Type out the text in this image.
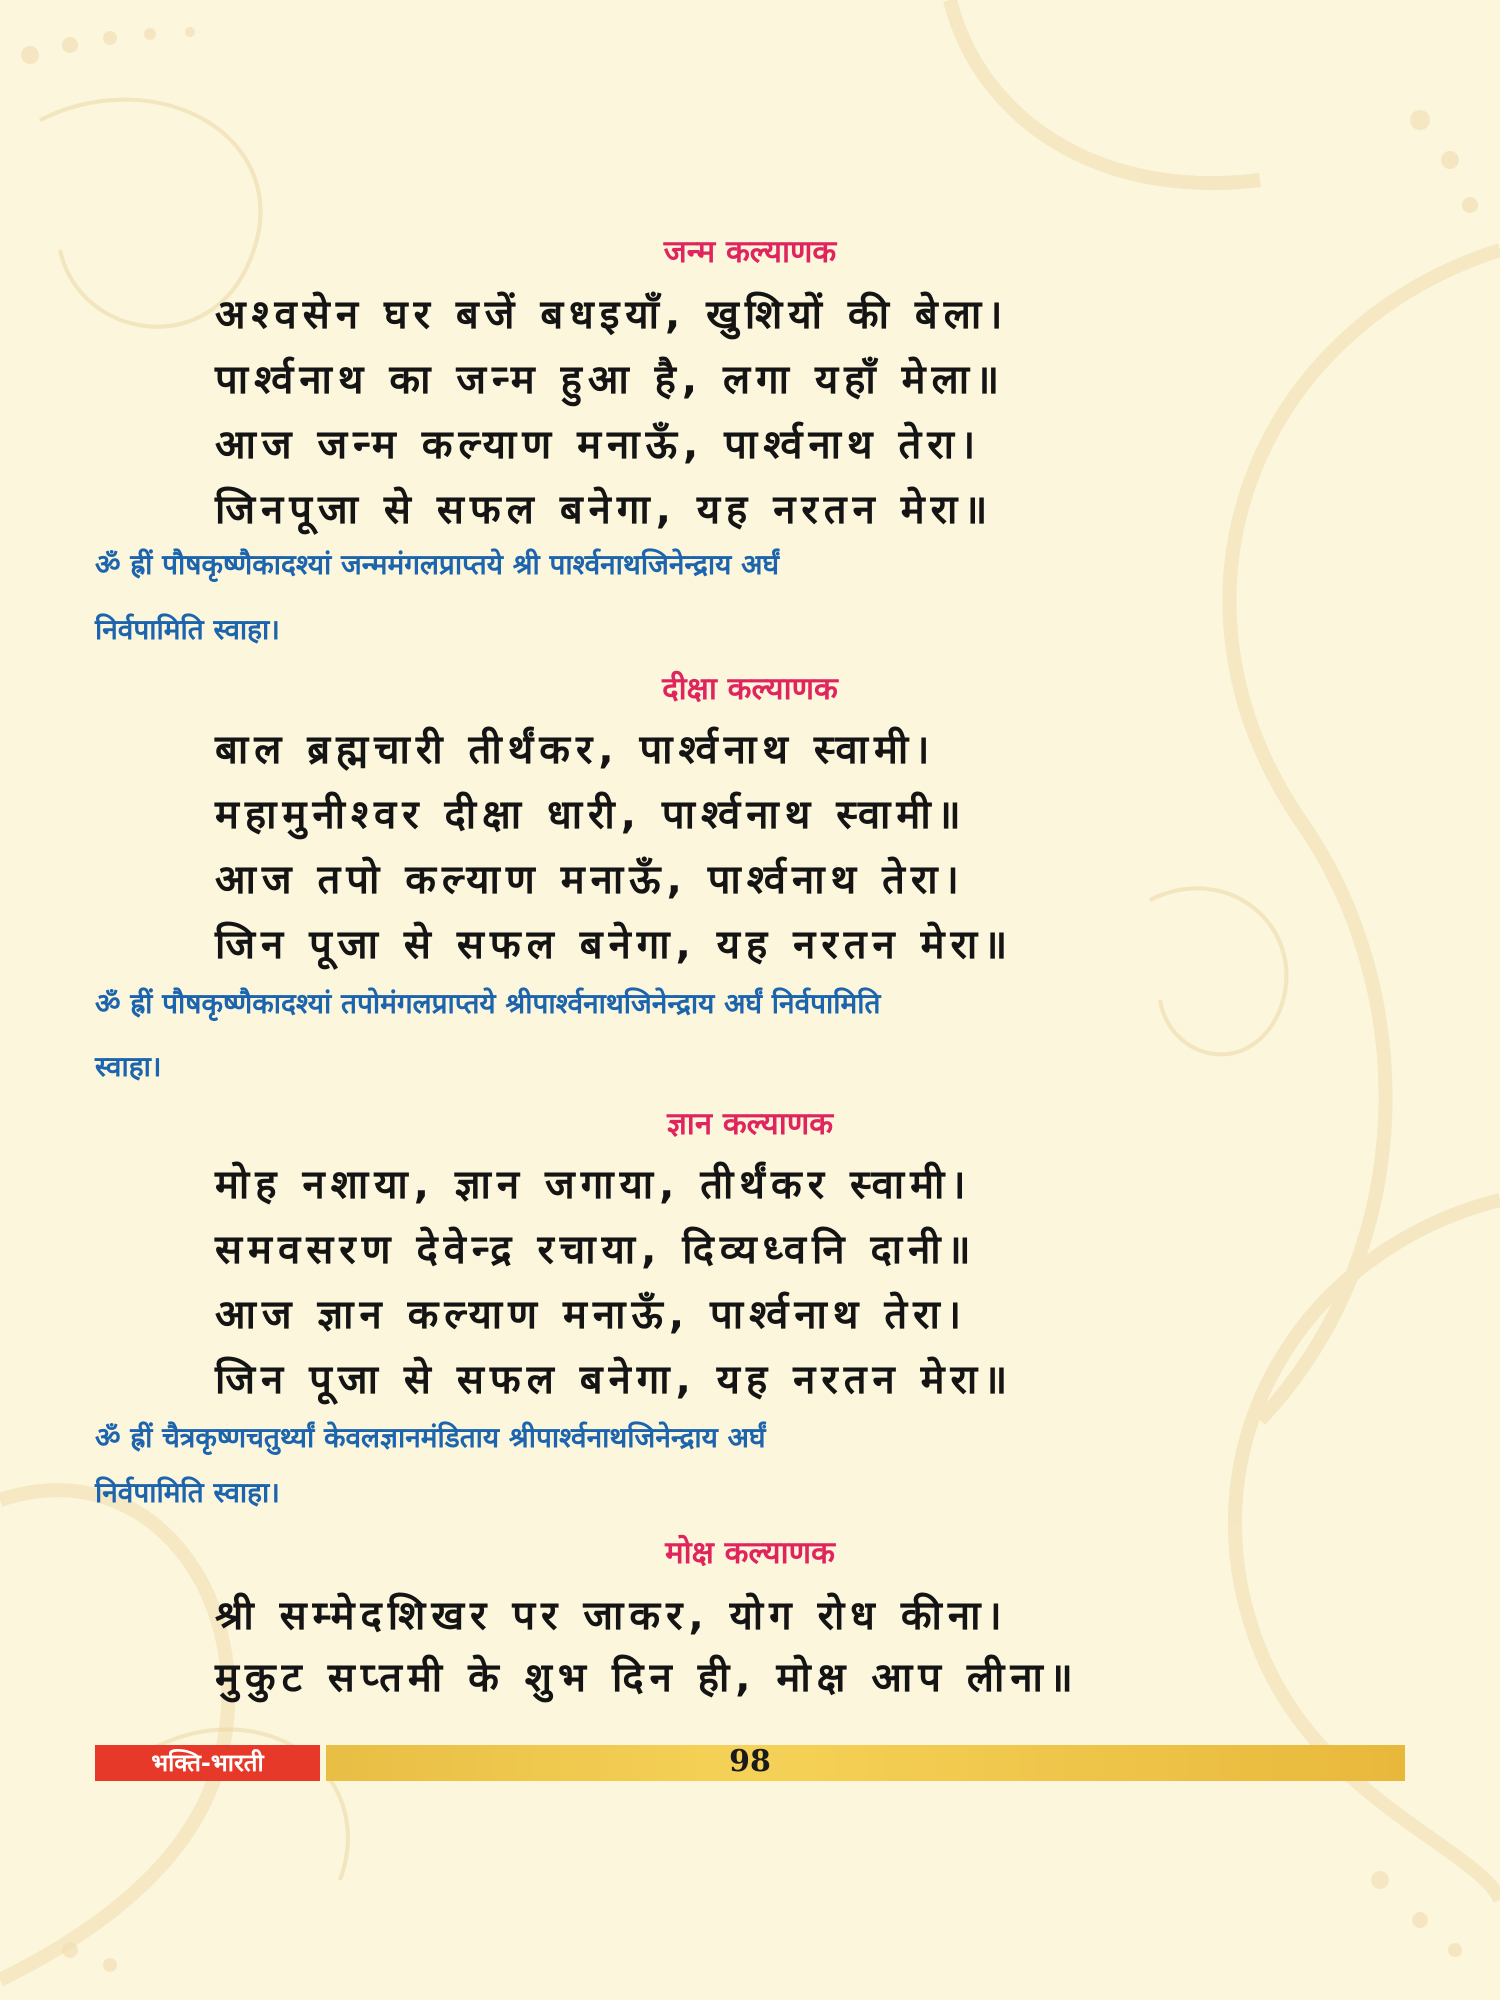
जन्म कल्याणक

अश्वसेन घर बजें बधइयाँ, खुशियों की बेला।

पार्श्वनाथ का जन्म हुआ है, लगा यहाँ मेला॥

आज जन्म कल्याण मनाऊँ, पार्श्वनाथ तेरा।

जिनपूजा से सफल बनेगा, यह नरतन मेरा॥

ॐ ह्रीं पौषकृष्णैकादश्यां जन्ममंगलप्राप्तये श्री पार्श्वनाथजिनेन्द्राय अर्घं

निर्वपामिति स्वाहा।

दीक्षा कल्याणक

बाल ब्रह्मचारी तीर्थंकर, पार्श्वनाथ स्वामी।

महामुनीश्वर दीक्षा धारी, पार्श्वनाथ स्वामी॥

आज तपो कल्याण मनाऊँ, पार्श्वनाथ तेरा।

जिन पूजा से सफल बनेगा, यह नरतन मेरा॥

ॐ ह्रीं पौषकृष्णैकादश्यां तपोमंगलप्राप्तये श्रीपार्श्वनाथजिनेन्द्राय अर्घं निर्वपामिति

स्वाहा।

ज्ञान कल्याणक

मोह नशाया, ज्ञान जगाया, तीर्थंकर स्वामी।

समवसरण देवेन्द्र रचाया, दिव्यध्वनि दानी॥

आज ज्ञान कल्याण मनाऊँ, पार्श्वनाथ तेरा।

जिन पूजा से सफल बनेगा, यह नरतन मेरा॥

ॐ ह्रीं चैत्रकृष्णचतुर्थ्यां केवलज्ञानमंडिताय श्रीपार्श्वनाथजिनेन्द्राय अर्घं

निर्वपामिति स्वाहा।

मोक्ष कल्याणक

श्री सम्मेदशिखर पर जाकर, योग रोध कीना।

मुकुट सप्तमी के शुभ दिन ही, मोक्ष आप लीना॥

भक्ति-भारती	98
